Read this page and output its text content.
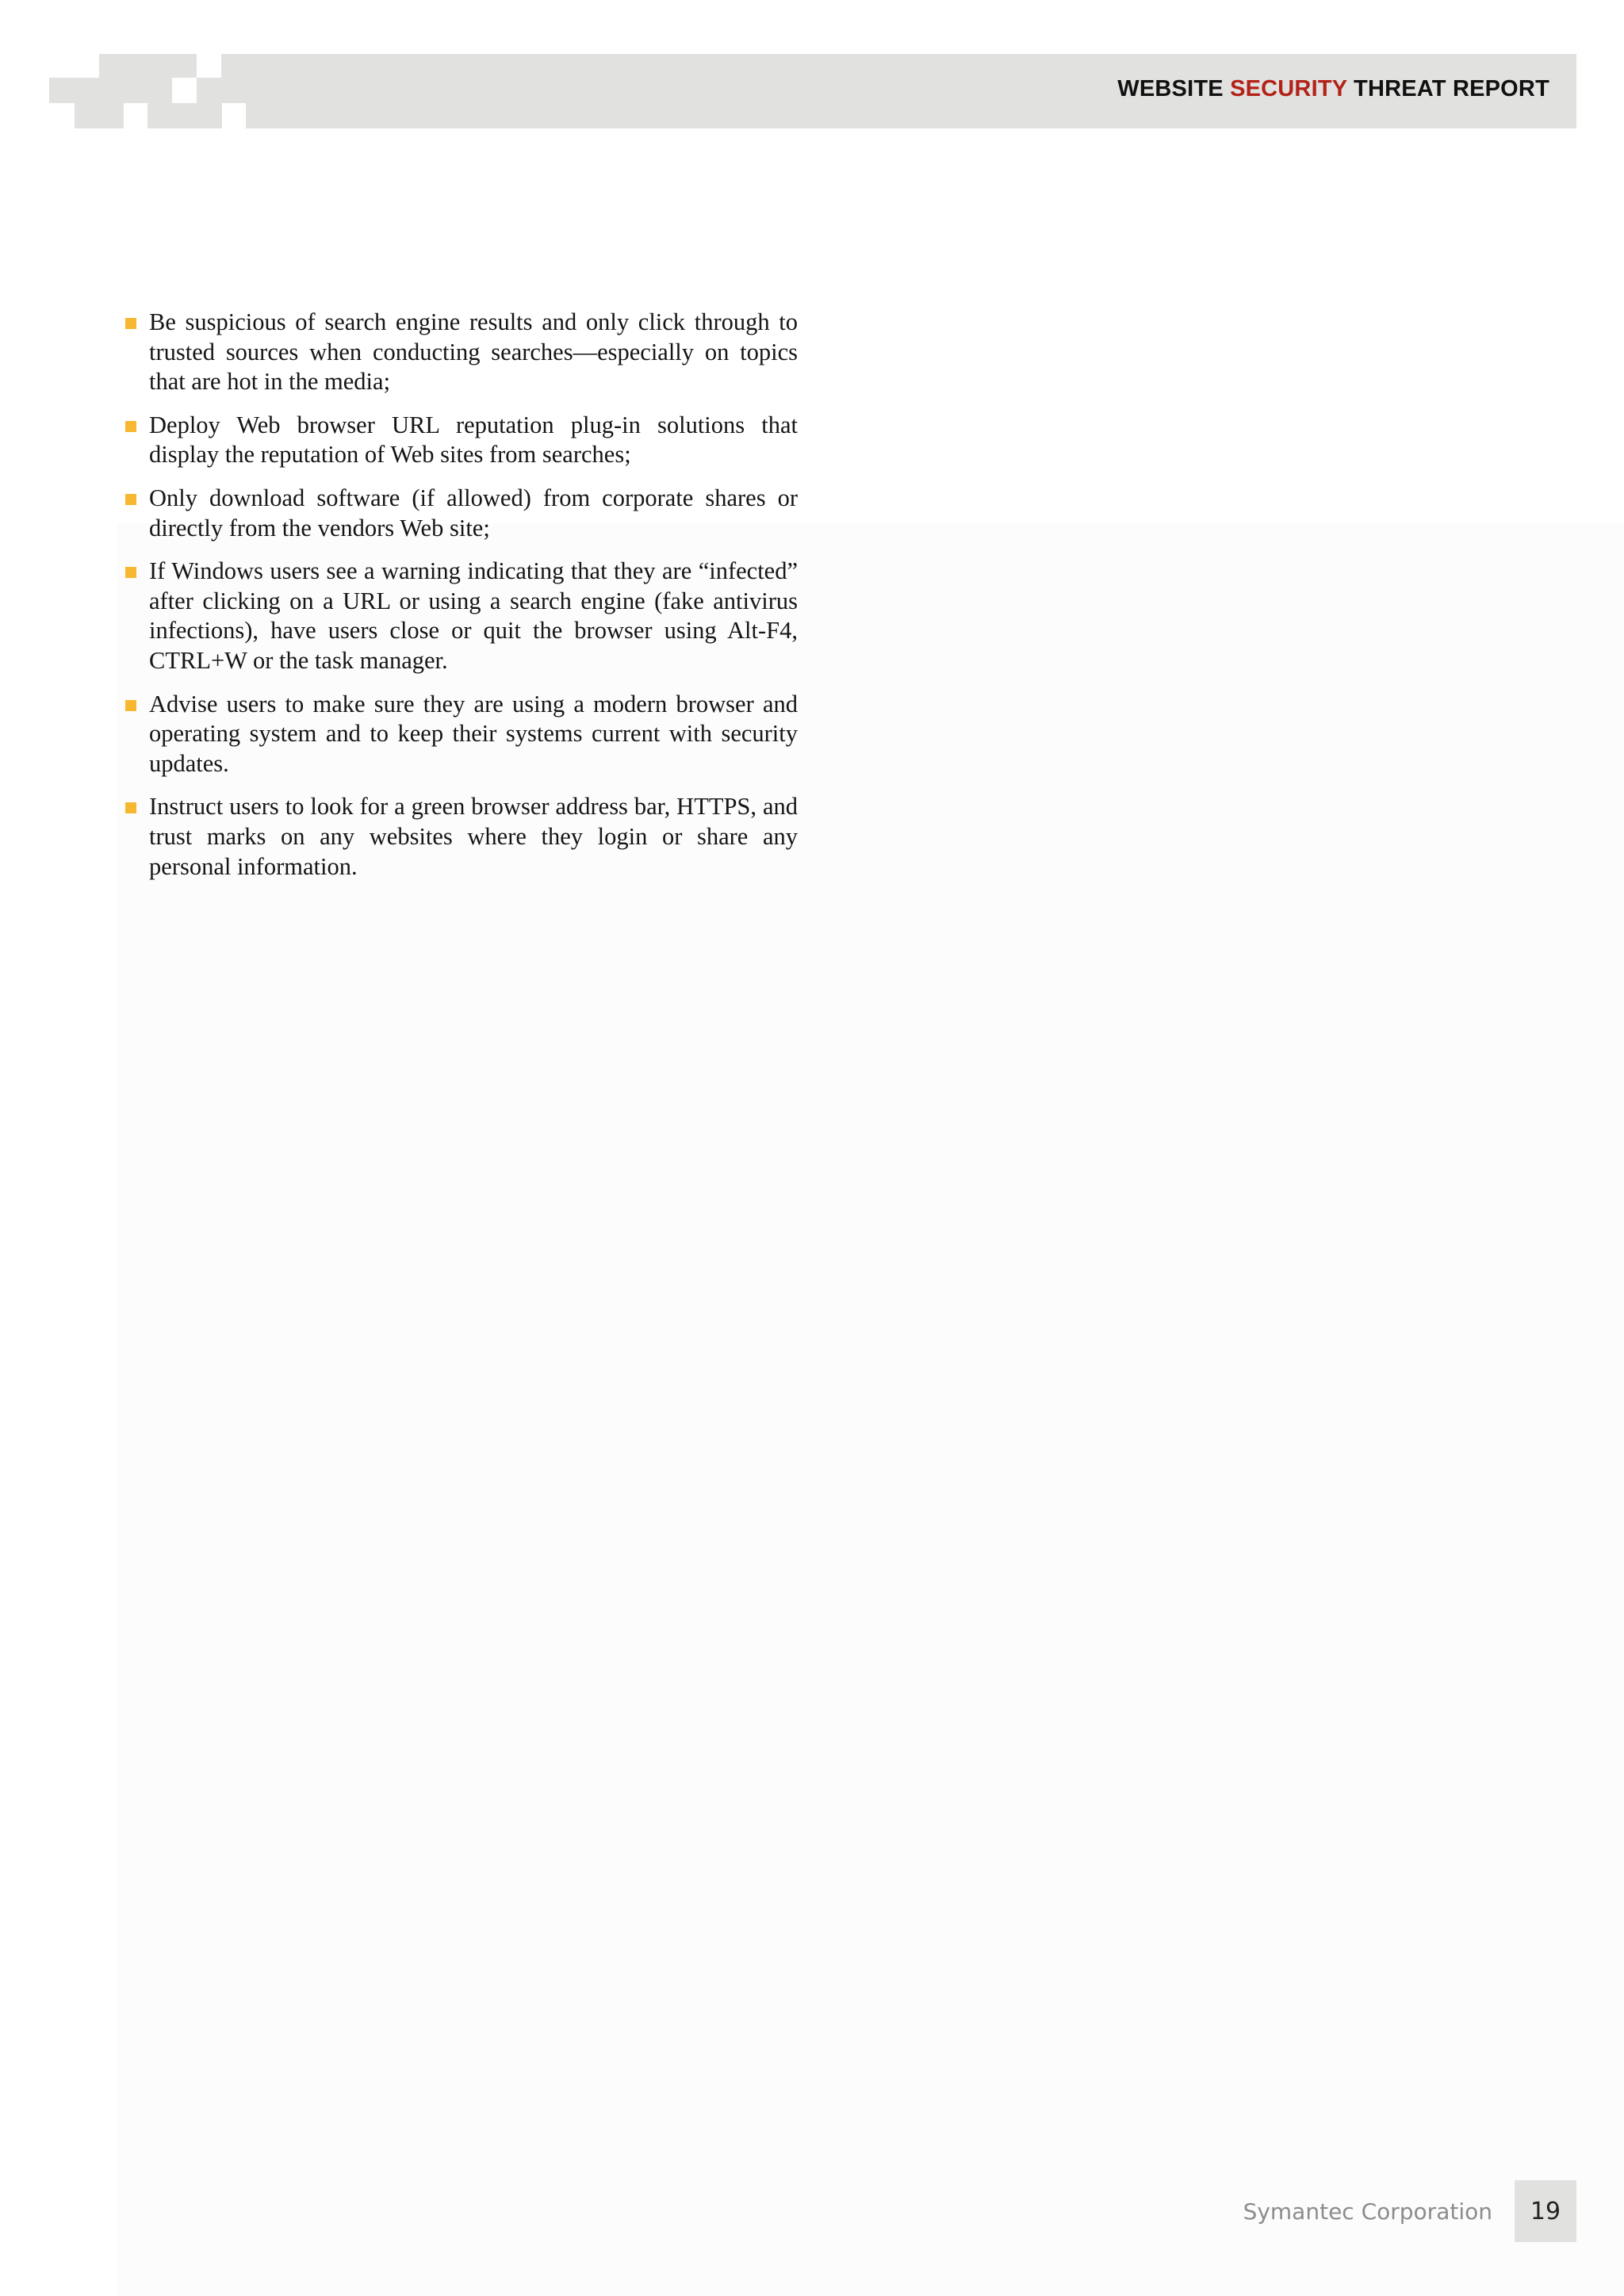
WEBSITE SECURITY THREAT REPORT
Be suspicious of search engine results and only click through to trusted sources when conducting searches—especially on topics that are hot in the media;
Deploy Web browser URL reputation plug-in solutions that display the reputation of Web sites from searches;
Only download software (if allowed) from corporate shares or directly from the vendors Web site;
If Windows users see a warning indicating that they are “infected” after clicking on a URL or using a search engine (fake antivirus infections), have users close or quit the browser using Alt-F4, CTRL+W or the task manager.
Advise users to make sure they are using a modern browser and operating system and to keep their systems current with security updates.
Instruct users to look for a green browser address bar, HTTPS, and trust marks on any websites where they login or share any personal information.
Symantec Corporation	19
